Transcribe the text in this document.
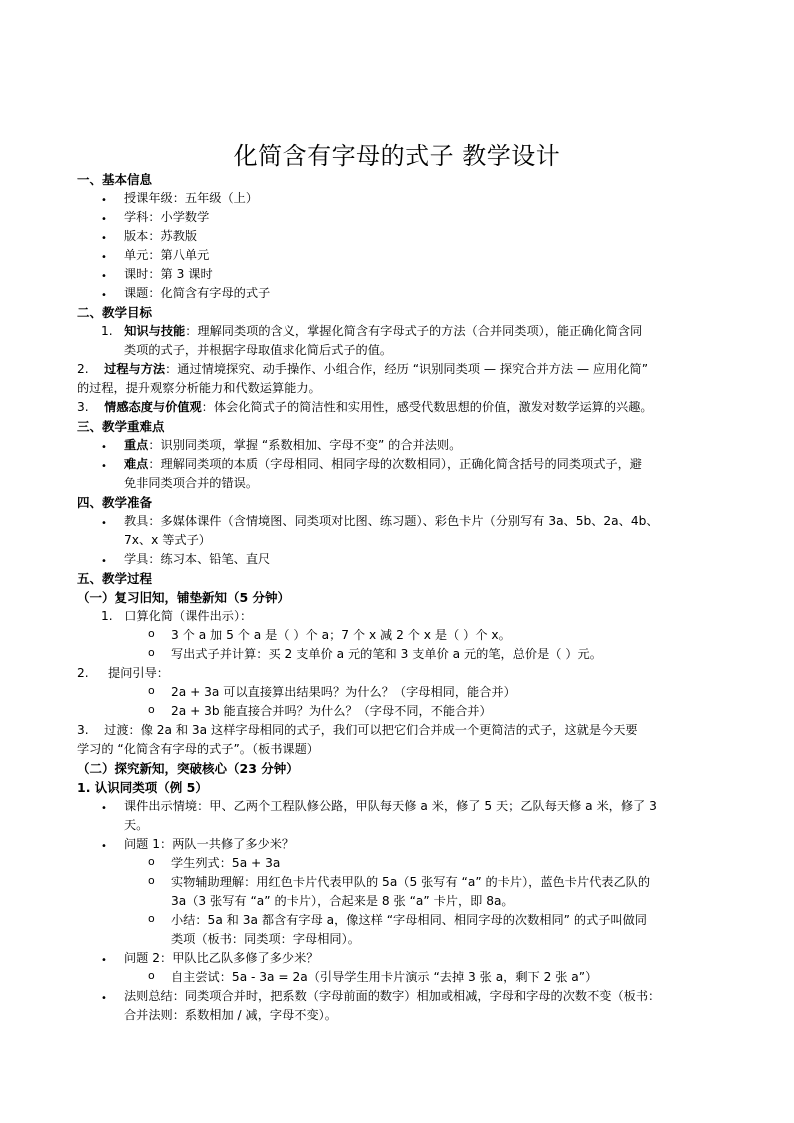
化简含有字母的式子 教学设计
一、基本信息
• 授课年级：五年级（上）
• 学科：小学数学
• 版本：苏教版
• 单元：第八单元
• 课时：第 3 课时
• 课题：化简含有字母的式子
二、教学目标
1. 知识与技能：理解同类项的含义，掌握化简含有字母式子的方法（合并同类项），能正确化简含同
类项的式子，并根据字母取值求化简后式子的值。
2. 过程与方法：通过情境探究、动手操作、小组合作，经历 “识别同类项 — 探究合并方法 — 应用化简”
的过程，提升观察分析能力和代数运算能力。
3. 情感态度与价值观：体会化简式子的简洁性和实用性，感受代数思想的价值，激发对数学运算的兴趣。
三、教学重难点
• 重点：识别同类项，掌握 “系数相加、字母不变” 的合并法则。
• 难点：理解同类项的本质（字母相同、相同字母的次数相同），正确化简含括号的同类项式子，避
免非同类项合并的错误。
四、教学准备
• 教具：多媒体课件（含情境图、同类项对比图、练习题）、彩色卡片（分别写有 3a、5b、2a、4b、
7x、x 等式子）
• 学具：练习本、铅笔、直尺
五、教学过程
（一）复习旧知，铺垫新知（5 分钟）
1. 口算化简（课件出示）：
o 3 个 a 加 5 个 a 是（ ）个 a；7 个 x 减 2 个 x 是（ ）个 x。
o 写出式子并计算：买 2 支单价 a 元的笔和 3 支单价 a 元的笔，总价是（ ）元。
2. 提问引导：
o 2a + 3a 可以直接算出结果吗？为什么？（字母相同，能合并）
o 2a + 3b 能直接合并吗？为什么？（字母不同，不能合并）
3. 过渡：像 2a 和 3a 这样字母相同的式子，我们可以把它们合并成一个更简洁的式子，这就是今天要
学习的 “化简含有字母的式子”。（板书课题）
（二）探究新知，突破核心（23 分钟）
1. 认识同类项（例 5）
• 课件出示情境：甲、乙两个工程队修公路，甲队每天修 a 米，修了 5 天；乙队每天修 a 米，修了 3
天。
• 问题 1：两队一共修了多少米？
o 学生列式：5a + 3a
o 实物辅助理解：用红色卡片代表甲队的 5a（5 张写有 “a” 的卡片），蓝色卡片代表乙队的
3a（3 张写有 “a” 的卡片），合起来是 8 张 “a” 卡片，即 8a。
o 小结：5a 和 3a 都含有字母 a，像这样 “字母相同、相同字母的次数相同” 的式子叫做同
类项（板书：同类项：字母相同）。
• 问题 2：甲队比乙队多修了多少米？
o 自主尝试：5a - 3a = 2a（引导学生用卡片演示 “去掉 3 张 a，剩下 2 张 a”）
• 法则总结：同类项合并时，把系数（字母前面的数字）相加或相减，字母和字母的次数不变（板书：
合并法则：系数相加 / 减，字母不变）。
